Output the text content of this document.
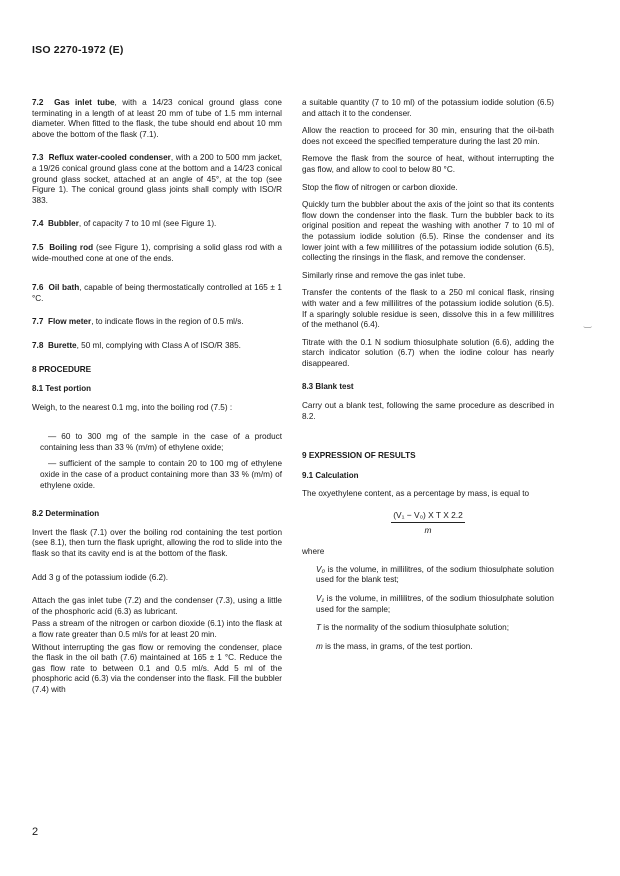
ISO 2270-1972 (E)

7.2 Gas inlet tube, with a 14/23 conical ground glass cone terminating in a length of at least 20 mm of tube of 1.5 mm internal diameter. When fitted to the flask, the tube should end about 10 mm above the bottom of the flask (7.1).

7.3 Reflux water-cooled condenser, with a 200 to 500 mm jacket, a 19/26 conical ground glass cone at the bottom and a 14/23 conical ground glass socket, attached at an angle of 45°, at the top (see Figure 1). The conical ground glass joints shall comply with ISO/R 383.

7.4 Bubbler, of capacity 7 to 10 ml (see Figure 1).

7.5 Boiling rod (see Figure 1), comprising a solid glass rod with a wide-mouthed cone at one of the ends.

7.6 Oil bath, capable of being thermostatically controlled at 165 ± 1 °C.

7.7 Flow meter, to indicate flows in the region of 0.5 ml/s.

7.8 Burette, 50 ml, complying with Class A of ISO/R 385.

8 PROCEDURE
8.1 Test portion

Weigh, to the nearest 0.1 mg, into the boiling rod (7.5) :

— 60 to 300 mg of the sample in the case of a product containing less than 33 % (m/m) of ethylene oxide;

— sufficient of the sample to contain 20 to 100 mg of ethylene oxide in the case of a product containing more than 33 % (m/m) of ethylene oxide.

8.2 Determination

Invert the flask (7.1) over the boiling rod containing the test portion (see 8.1), then turn the flask upright, allowing the rod to slide into the flask so that its cavity end is at the bottom of the flask.

Add 3 g of the potassium iodide (6.2).

Attach the gas inlet tube (7.2) and the condenser (7.3), using a little of the phosphoric acid (6.3) as lubricant.

Pass a stream of the nitrogen or carbon dioxide (6.1) into the flask at a flow rate greater than 0.5 ml/s for at least 20 min.

Without interrupting the gas flow or removing the condenser, place the flask in the oil bath (7.6) maintained at 165 ± 1 °C. Reduce the gas flow rate to between 0.1 and 0.5 ml/s. Add 5 ml of the phosphoric acid (6.3) via the condenser into the flask. Fill the bubbler (7.4) with

a suitable quantity (7 to 10 ml) of the potassium iodide solution (6.5) and attach it to the condenser.

Allow the reaction to proceed for 30 min, ensuring that the oil-bath does not exceed the specified temperature during the last 20 min.

Remove the flask from the source of heat, without interrupting the gas flow, and allow to cool to below 80 °C.

Stop the flow of nitrogen or carbon dioxide.

Quickly turn the bubbler about the axis of the joint so that its contents flow down the condenser into the flask. Turn the bubbler back to its original position and repeat the washing with another 7 to 10 ml of the potassium iodide solution (6.5). Rinse the condenser and its lower joint with a few millilitres of the potassium iodide solution (6.5), collecting the rinsings in the flask, and remove the condenser.

Similarly rinse and remove the gas inlet tube.

Transfer the contents of the flask to a 250 ml conical flask, rinsing with water and a few millilitres of the potassium iodide solution (6.5). If a sparingly soluble residue is seen, dissolve this in a few millilitres of the methanol (6.4).

Titrate with the 0.1 N sodium thiosulphate solution (6.6), adding the starch indicator solution (6.7) when the iodine colour has nearly disappeared.

8.3 Blank test

Carry out a blank test, following the same procedure as described in 8.2.

9 EXPRESSION OF RESULTS
9.1 Calculation

The oxyethylene content, as a percentage by mass, is equal to

(V₁ − V₀) X T X 2.2
m

where

V₀ is the volume, in millilitres, of the sodium thiosulphate solution used for the blank test;

V₁ is the volume, in millilitres, of the sodium thiosulphate solution used for the sample;

T is the normality of the sodium thiosulphate solution;

m is the mass, in grams, of the test portion.

‿
2
